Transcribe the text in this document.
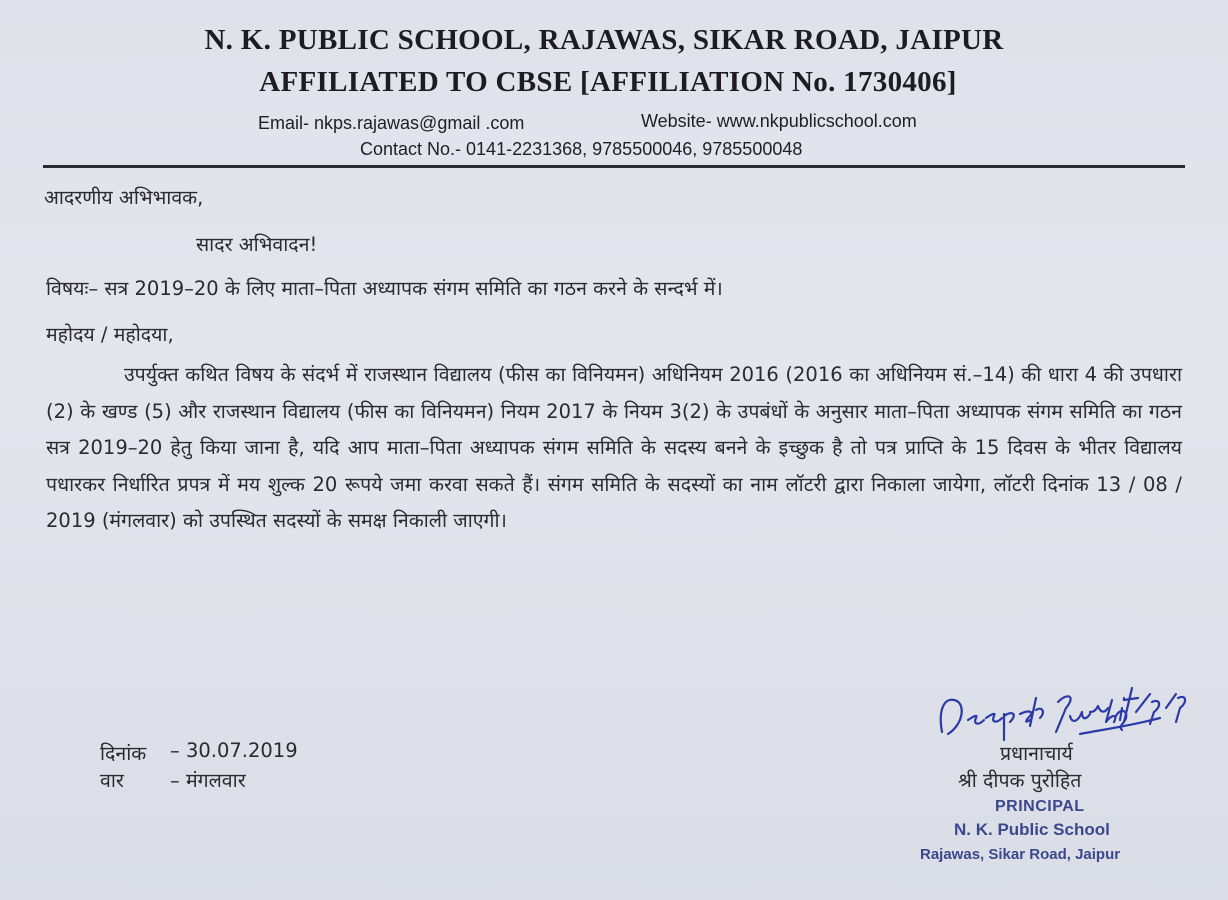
N. K. PUBLIC SCHOOL, RAJAWAS, SIKAR ROAD, JAIPUR
AFFILIATED TO CBSE [AFFILIATION No. 1730406]
Email- nkps.rajawas@gmail .com	Website- www.nkpublicschool.com
Contact No.- 0141-2231368, 9785500046, 9785500048
आदरणीय अभिभावक,
सादर अभिवादन!
विषयः– सत्र 2019–20 के लिए माता–पिता अध्यापक संगम समिति का गठन करने के सन्दर्भ में।
महोदय / महोदया,

उपर्युक्त कथित विषय के संदर्भ में राजस्थान विद्यालय (फीस का विनियमन) अधिनियम 2016 (2016 का अधिनियम सं.–14) की धारा 4 की उपधारा (2) के खण्ड (5) और राजस्थान विद्यालय (फीस का विनियमन) नियम 2017 के नियम 3(2) के उपबंधों के अनुसार माता–पिता अध्यापक संगम समिति का गठन सत्र 2019–20 हेतु किया जाना है, यदि आप माता–पिता अध्यापक संगम समिति के सदस्य बनने के इच्छुक है तो पत्र प्राप्ति के 15 दिवस के भीतर विद्यालय पधारकर निर्धारित प्रपत्र में मय शुल्क 20 रूपये जमा करवा सकते हैं। संगम समिति के सदस्यों का नाम लॉटरी द्वारा निकाला जायेगा, लॉटरी दिनांक 13 / 08 / 2019 (मंगलवार) को उपस्थित सदस्यों के समक्ष निकाली जाएगी।

दिनांक – 30.07.2019
वार – मंगलवार
प्रधानाचार्य
श्री दीपक पुरोहित
PRINCIPAL
N. K. Public School
Rajawas, Sikar Road, Jaipur
